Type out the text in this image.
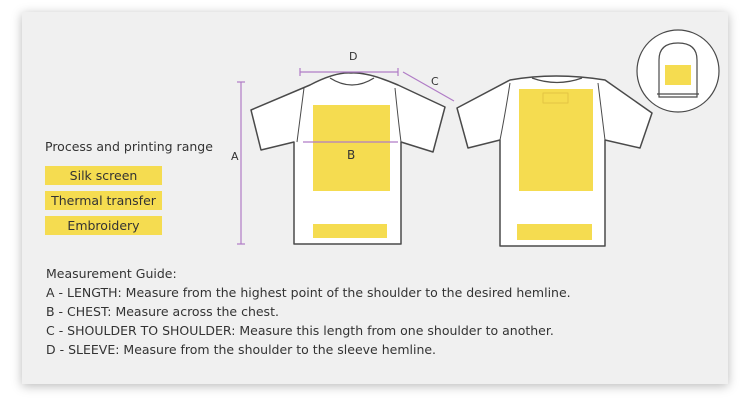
A
D
C
B
Process and printing range
Silk screen
Thermal transfer
Embroidery
Measurement Guide:
A - LENGTH: Measure from the highest point of the shoulder to the desired hemline.
B - CHEST: Measure across the chest.
C - SHOULDER TO SHOULDER: Measure this length from one shoulder to another.
D - SLEEVE: Measure from the shoulder to the sleeve hemline.
